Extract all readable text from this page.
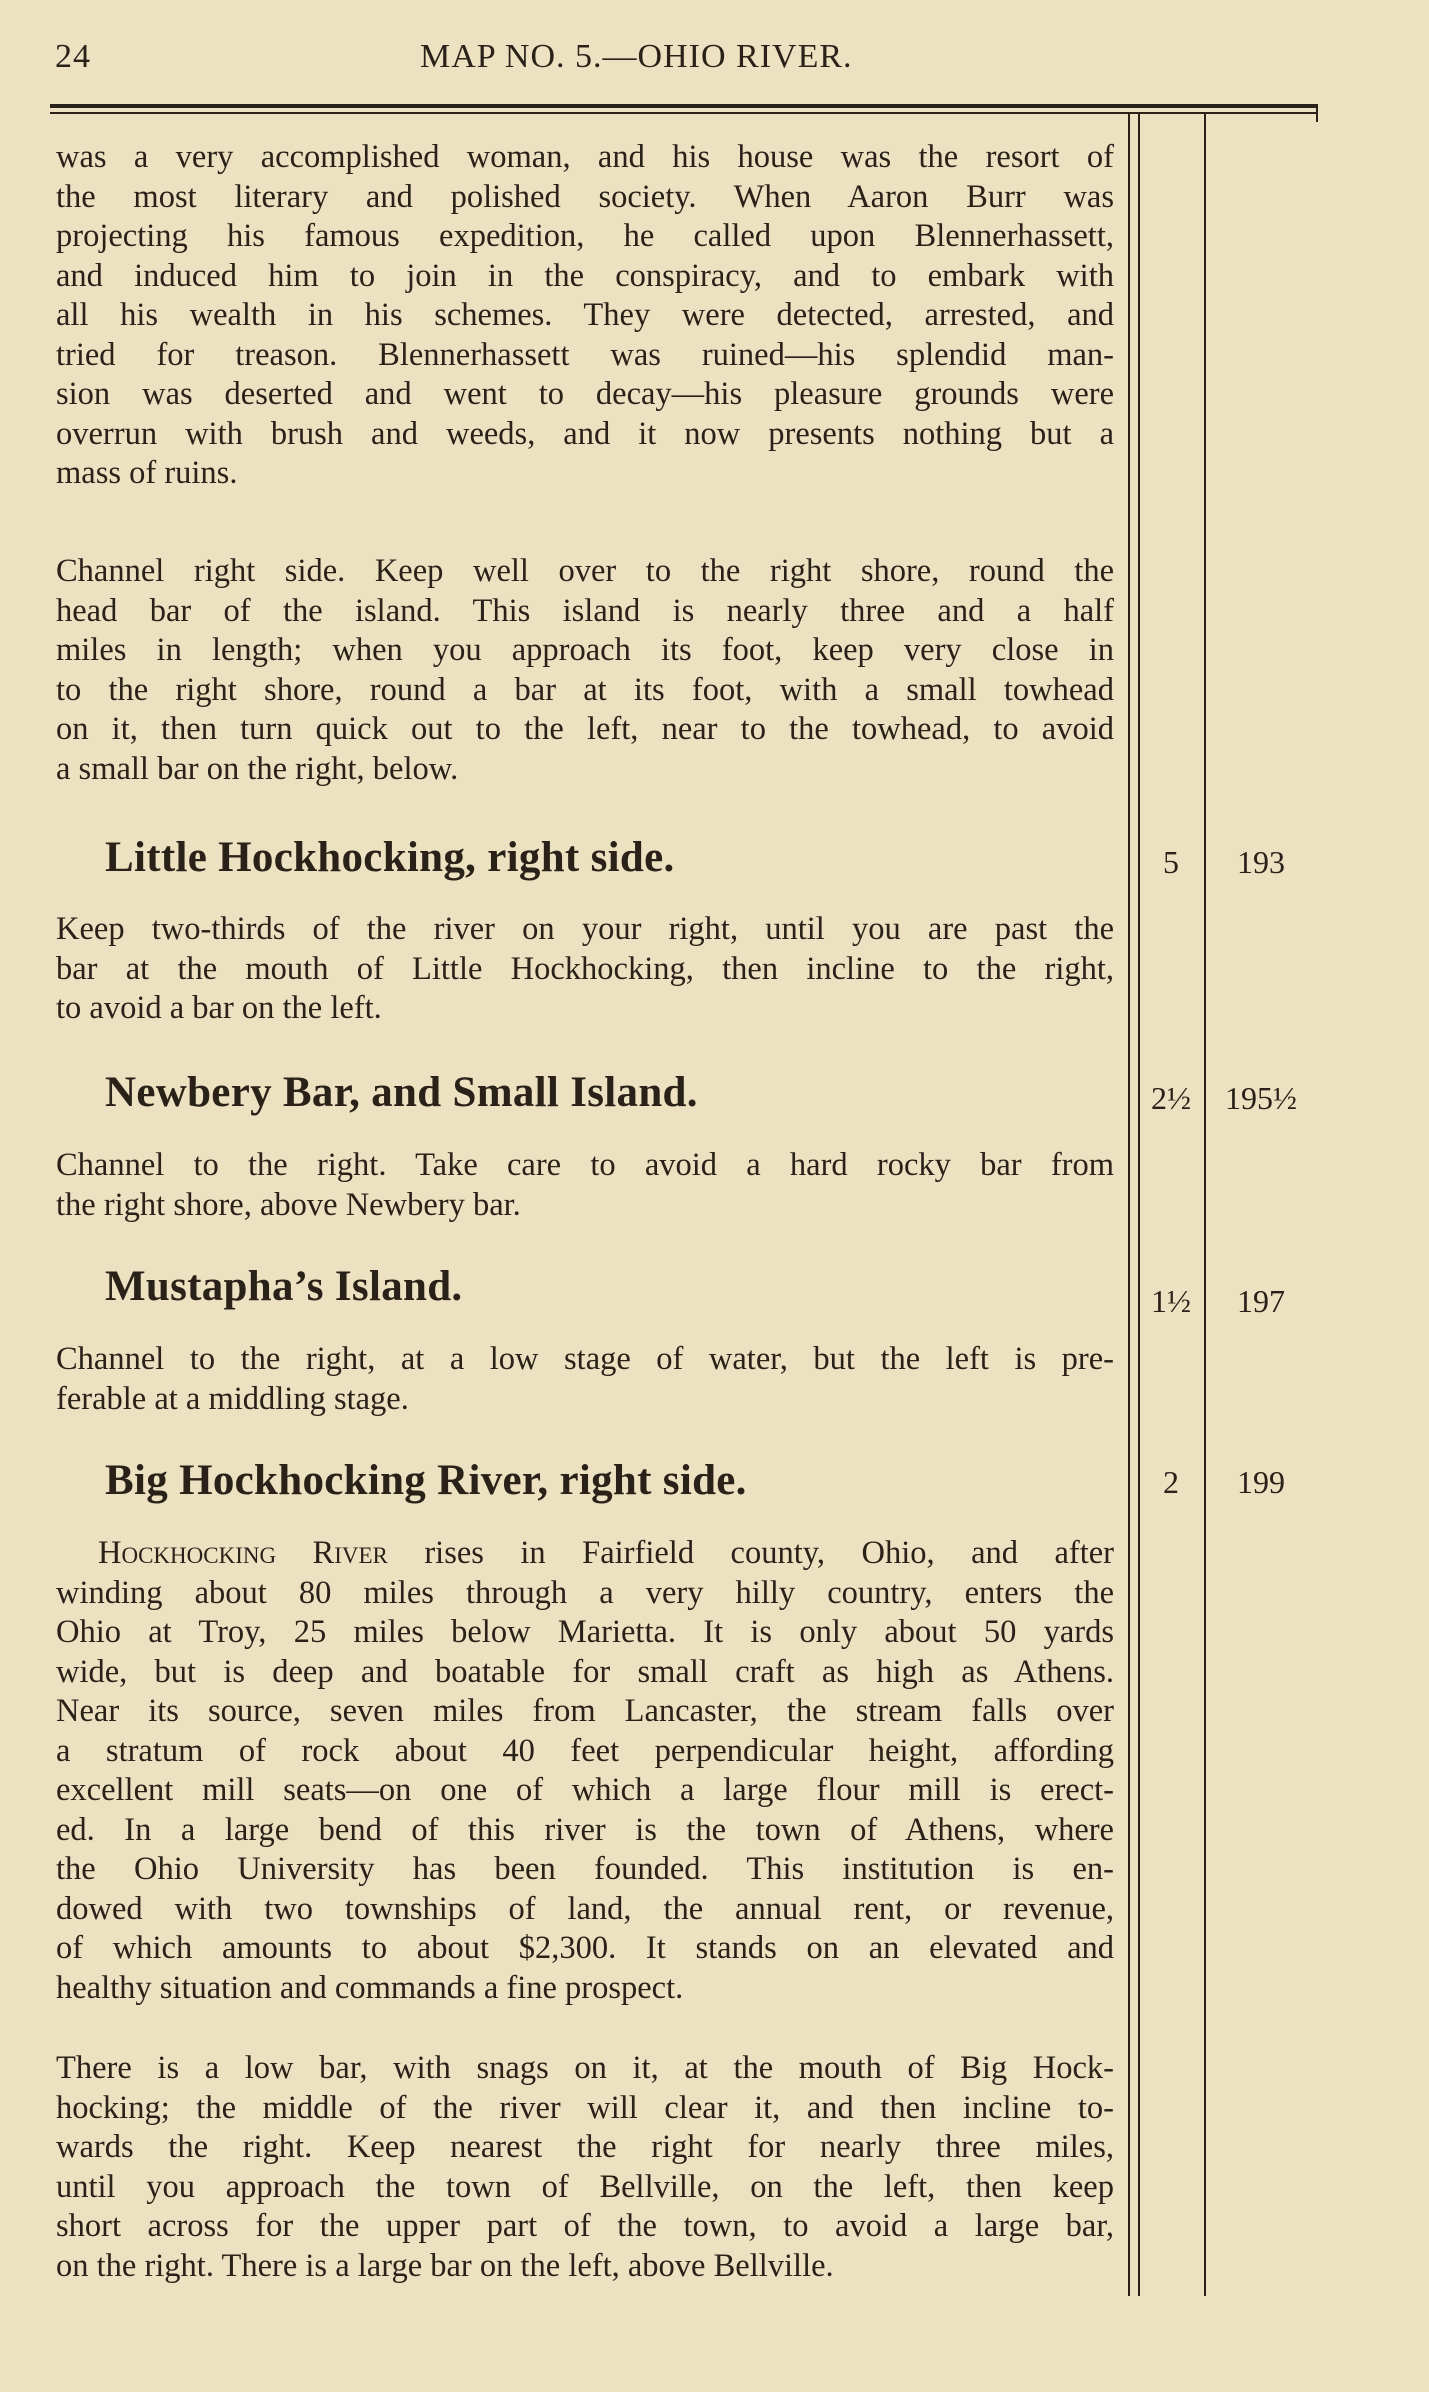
24	MAP NO. 5.—OHIO RIVER.

was a very accomplished woman, and his house was the resort of
the most literary and polished society. When Aaron Burr was
projecting his famous expedition, he called upon Blennerhassett,
and induced him to join in the conspiracy, and to embark with
all his wealth in his schemes. They were detected, arrested, and
tried for treason. Blennerhassett was ruined—his splendid man-
sion was deserted and went to decay—his pleasure grounds were
overrun with brush and weeds, and it now presents nothing but a
mass of ruins.

Channel right side. Keep well over to the right shore, round the
head bar of the island. This island is nearly three and a half
miles in length; when you approach its foot, keep very close in
to the right shore, round a bar at its foot, with a small towhead
on it, then turn quick out to the left, near to the towhead, to avoid
a small bar on the right, below.

Little Hockhocking, right side.	5	193

Keep two-thirds of the river on your right, until you are past the
bar at the mouth of Little Hockhocking, then incline to the right,
to avoid a bar on the left.

Newbery Bar, and Small Island.	2½	195½

Channel to the right. Take care to avoid a hard rocky bar from
the right shore, above Newbery bar.

Mustapha’s Island.	1½	197

Channel to the right, at a low stage of water, but the left is pre-
ferable at a middling stage.

Big Hockhocking River, right side.	2	199

Hockhocking River rises in Fairfield county, Ohio, and after
winding about 80 miles through a very hilly country, enters the
Ohio at Troy, 25 miles below Marietta. It is only about 50 yards
wide, but is deep and boatable for small craft as high as Athens.
Near its source, seven miles from Lancaster, the stream falls over
a stratum of rock about 40 feet perpendicular height, affording
excellent mill seats—on one of which a large flour mill is erect-
ed. In a large bend of this river is the town of Athens, where
the Ohio University has been founded. This institution is en-
dowed with two townships of land, the annual rent, or revenue,
of which amounts to about $2,300. It stands on an elevated and
healthy situation and commands a fine prospect.

There is a low bar, with snags on it, at the mouth of Big Hock-
hocking; the middle of the river will clear it, and then incline to-
wards the right. Keep nearest the right for nearly three miles,
until you approach the town of Bellville, on the left, then keep
short across for the upper part of the town, to avoid a large bar,
on the right. There is a large bar on the left, above Bellville.
